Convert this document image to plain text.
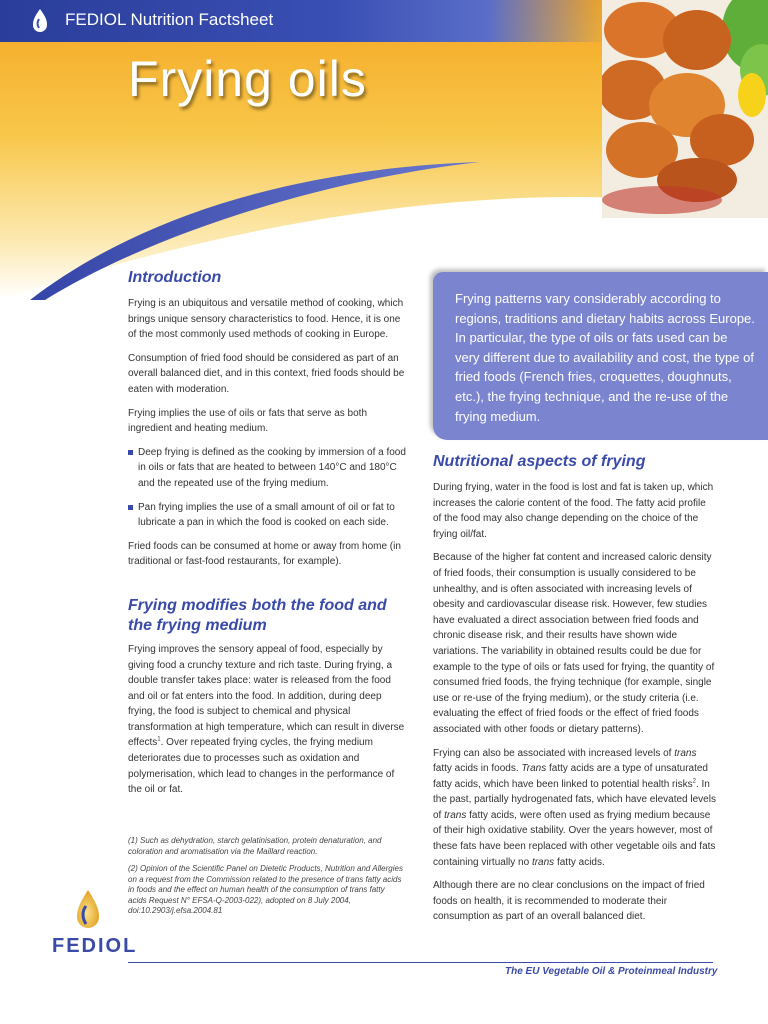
FEDIOL Nutrition Factsheet
Frying oils
Introduction

Frying is an ubiquitous and versatile method of cooking, which brings unique sensory characteristics to food. Hence, it is one of the most commonly used methods of cooking in Europe.

Consumption of fried food should be considered as part of an overall balanced diet, and in this context, fried foods should be eaten with moderation.

Frying implies the use of oils or fats that serve as both ingredient and heating medium.

Deep frying is defined as the cooking by immersion of a food in oils or fats that are heated to between 140°C and 180°C and the repeated use of the frying medium.
Pan frying implies the use of a small amount of oil or fat to lubricate a pan in which the food is cooked on each side.

Fried foods can be consumed at home or away from home (in traditional or fast-food restaurants, for example).

Frying modifies both the food and the frying medium

Frying improves the sensory appeal of food, especially by giving food a crunchy texture and rich taste. During frying, a double transfer takes place: water is released from the food and oil or fat enters into the food. In addition, during deep frying, the food is subject to chemical and physical transformation at high temperature, which can result in diverse effects$^1$. Over repeated frying cycles, the frying medium deteriorates due to processes such as oxidation and polymerisation, which lead to changes in the performance of the oil or fat.

(1) Such as dehydration, starch gelatinisation, protein denaturation, and coloration and aromatisation via the Maillard reaction.
(2) Opinion of the Scientific Panel on Dietetic Products, Nutrition and Allergies on a request from the Commission related to the presence of trans fatty acids in foods and the effect on human health of the consumption of trans fatty acids Request N° EFSA-Q-2003-022), adopted on 8 July 2004, doi:10.2903/j.efsa.2004.81
Frying patterns vary considerably according to regions, traditions and dietary habits across Europe. In particular, the type of oils or fats used can be very different due to availability and cost, the type of fried foods (French fries, croquettes, doughnuts, etc.), the frying technique, and the re-use of the frying medium.
Nutritional aspects of frying

During frying, water in the food is lost and fat is taken up, which increases the calorie content of the food. The fatty acid profile of the food may also change depending on the choice of the frying oil/fat.

Because of the higher fat content and increased caloric density of fried foods, their consumption is usually considered to be unhealthy, and is often associated with increasing levels of obesity and cardiovascular disease risk. However, few studies have evaluated a direct association between fried foods and chronic disease risk, and their results have shown wide variations. The variability in obtained results could be due for example to the type of oils or fats used for frying, the quantity of consumed fried foods, the frying technique (for example, single use or re-use of the frying medium), or the study criteria (i.e. evaluating the effect of fried foods or the effect of fried foods associated with other foods or dietary patterns).

Frying can also be associated with increased levels of trans fatty acids in foods. Trans fatty acids are a type of unsaturated fatty acids, which have been linked to potential health risks$^2$. In the past, partially hydrogenated fats, which have elevated levels of trans fatty acids, were often used as frying medium because of their high oxidative stability. Over the years however, most of these fats have been replaced with other vegetable oils and fats containing virtually no trans fatty acids.

Although there are no clear conclusions on the impact of fried foods on health, it is recommended to moderate their consumption as part of an overall balanced diet.

FEDIOL
The EU Vegetable Oil & Proteinmeal Industry
